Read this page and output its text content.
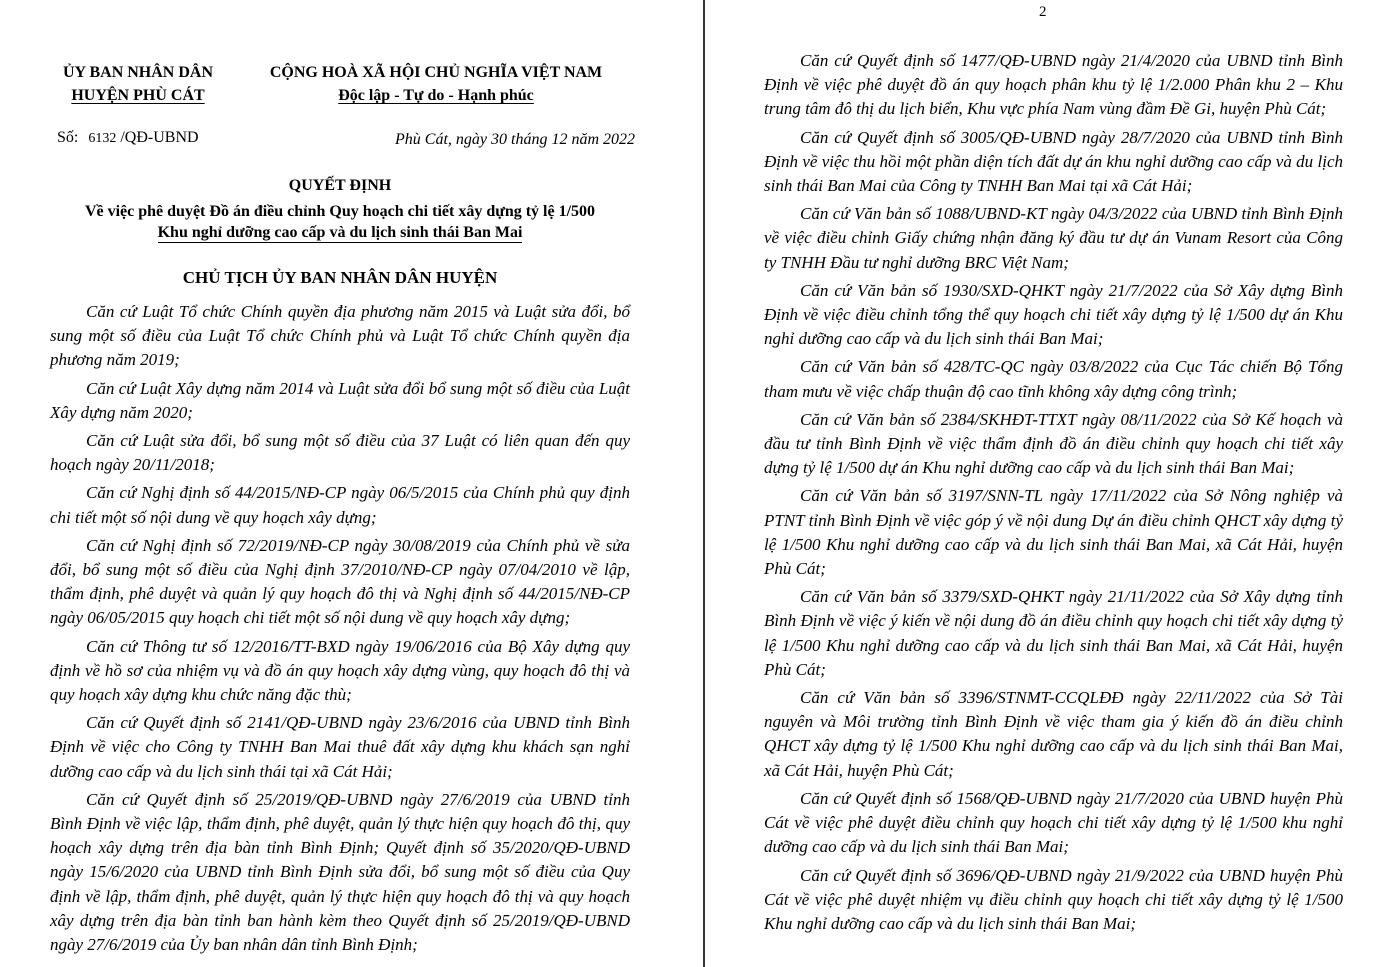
ỦY BAN NHÂN DÂN
HUYỆN PHÙ CÁT
CỘNG HOÀ XÃ HỘI CHỦ NGHĨA VIỆT NAM
Độc lập - Tự do - Hạnh phúc
Số: 6132 /QĐ-UBND	Phù Cát, ngày 30 tháng 12 năm 2022
QUYẾT ĐỊNH
Về việc phê duyệt Đồ án điều chỉnh Quy hoạch chi tiết xây dựng tỷ lệ 1/500
Khu nghỉ dưỡng cao cấp và du lịch sinh thái Ban Mai
CHỦ TỊCH ỦY BAN NHÂN DÂN HUYỆN

Căn cứ Luật Tổ chức Chính quyền địa phương năm 2015 và Luật sửa đổi, bổ sung một số điều của Luật Tổ chức Chính phủ và Luật Tổ chức Chính quyền địa phương năm 2019;

Căn cứ Luật Xây dựng năm 2014 và Luật sửa đổi bổ sung một số điều của Luật Xây dựng năm 2020;

Căn cứ Luật sửa đổi, bổ sung một số điều của 37 Luật có liên quan đến quy hoạch ngày 20/11/2018;

Căn cứ Nghị định số 44/2015/NĐ-CP ngày 06/5/2015 của Chính phủ quy định chi tiết một số nội dung về quy hoạch xây dựng;

Căn cứ Nghị định số 72/2019/NĐ-CP ngày 30/08/2019 của Chính phủ về sửa đổi, bổ sung một số điều của Nghị định 37/2010/NĐ-CP ngày 07/04/2010 về lập, thẩm định, phê duyệt và quản lý quy hoạch đô thị và Nghị định số 44/2015/NĐ-CP ngày 06/05/2015 quy hoạch chi tiết một số nội dung về quy hoạch xây dựng;

Căn cứ Thông tư số 12/2016/TT-BXD ngày 19/06/2016 của Bộ Xây dựng quy định về hồ sơ của nhiệm vụ và đồ án quy hoạch xây dựng vùng, quy hoạch đô thị và quy hoạch xây dựng khu chức năng đặc thù;

Căn cứ Quyết định số 2141/QĐ-UBND ngày 23/6/2016 của UBND tỉnh Bình Định về việc cho Công ty TNHH Ban Mai thuê đất xây dựng khu khách sạn nghỉ dưỡng cao cấp và du lịch sinh thái tại xã Cát Hải;

Căn cứ Quyết định số 25/2019/QĐ-UBND ngày 27/6/2019 của UBND tỉnh Bình Định về việc lập, thẩm định, phê duyệt, quản lý thực hiện quy hoạch đô thị, quy hoạch xây dựng trên địa bàn tỉnh Bình Định; Quyết định số 35/2020/QĐ-UBND ngày 15/6/2020 của UBND tỉnh Bình Định sửa đổi, bổ sung một số điều của Quy định về lập, thẩm định, phê duyệt, quản lý thực hiện quy hoạch đô thị và quy hoạch xây dựng trên địa bàn tỉnh ban hành kèm theo Quyết định số 25/2019/QĐ-UBND ngày 27/6/2019 của Ủy ban nhân dân tỉnh Bình Định;

2

Căn cứ Quyết định số 1477/QĐ-UBND ngày 21/4/2020 của UBND tỉnh Bình Định về việc phê duyệt đồ án quy hoạch phân khu tỷ lệ 1/2.000 Phân khu 2 – Khu trung tâm đô thị du lịch biển, Khu vực phía Nam vùng đầm Đề Gi, huyện Phù Cát;

Căn cứ Quyết định số 3005/QĐ-UBND ngày 28/7/2020 của UBND tỉnh Bình Định về việc thu hồi một phần diện tích đất dự án khu nghỉ dưỡng cao cấp và du lịch sinh thái Ban Mai của Công ty TNHH Ban Mai tại xã Cát Hải;

Căn cứ Văn bản số 1088/UBND-KT ngày 04/3/2022 của UBND tỉnh Bình Định về việc điều chỉnh Giấy chứng nhận đăng ký đầu tư dự án Vunam Resort của Công ty TNHH Đầu tư nghỉ dưỡng BRC Việt Nam;

Căn cứ Văn bản số 1930/SXD-QHKT ngày 21/7/2022 của Sở Xây dựng Bình Định về việc điều chỉnh tổng thể quy hoạch chi tiết xây dựng tỷ lệ 1/500 dự án Khu nghỉ dưỡng cao cấp và du lịch sinh thái Ban Mai;

Căn cứ Văn bản số 428/TC-QC ngày 03/8/2022 của Cục Tác chiến Bộ Tổng tham mưu về việc chấp thuận độ cao tĩnh không xây dựng công trình;

Căn cứ Văn bản số 2384/SKHĐT-TTXT ngày 08/11/2022 của Sở Kế hoạch và đầu tư tỉnh Bình Định về việc thẩm định đồ án điều chỉnh quy hoạch chi tiết xây dựng tỷ lệ 1/500 dự án Khu nghỉ dưỡng cao cấp và du lịch sinh thái Ban Mai;

Căn cứ Văn bản số 3197/SNN-TL ngày 17/11/2022 của Sở Nông nghiệp và PTNT tỉnh Bình Định về việc góp ý về nội dung Dự án điều chỉnh QHCT xây dựng tỷ lệ 1/500 Khu nghỉ dưỡng cao cấp và du lịch sinh thái Ban Mai, xã Cát Hải, huyện Phù Cát;

Căn cứ Văn bản số 3379/SXD-QHKT ngày 21/11/2022 của Sở Xây dựng tỉnh Bình Định về việc ý kiến về nội dung đồ án điều chỉnh quy hoạch chi tiết xây dựng tỷ lệ 1/500 Khu nghỉ dưỡng cao cấp và du lịch sinh thái Ban Mai, xã Cát Hải, huyện Phù Cát;

Căn cứ Văn bản số 3396/STNMT-CCQLĐĐ ngày 22/11/2022 của Sở Tài nguyên và Môi trường tỉnh Bình Định về việc tham gia ý kiến đồ án điều chỉnh QHCT xây dựng tỷ lệ 1/500 Khu nghỉ dưỡng cao cấp và du lịch sinh thái Ban Mai, xã Cát Hải, huyện Phù Cát;

Căn cứ Quyết định số 1568/QĐ-UBND ngày 21/7/2020 của UBND huyện Phù Cát về việc phê duyệt điều chỉnh quy hoạch chi tiết xây dựng tỷ lệ 1/500 khu nghỉ dưỡng cao cấp và du lịch sinh thái Ban Mai;

Căn cứ Quyết định số 3696/QĐ-UBND ngày 21/9/2022 của UBND huyện Phù Cát về việc phê duyệt nhiệm vụ điều chỉnh quy hoạch chi tiết xây dựng tỷ lệ 1/500 Khu nghỉ dưỡng cao cấp và du lịch sinh thái Ban Mai;
